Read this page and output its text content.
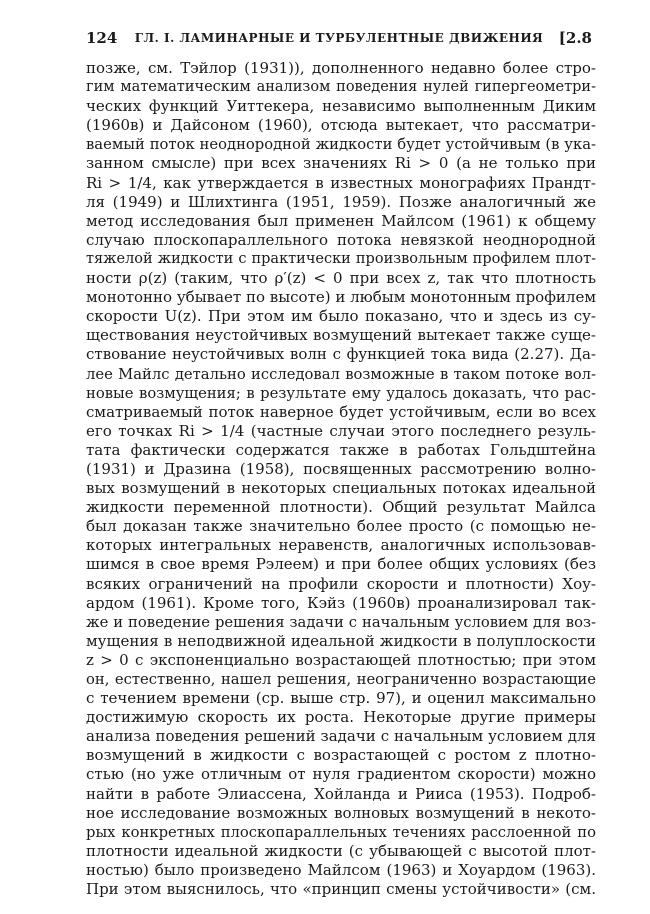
124	ГЛ. I. ЛАМИНАРНЫЕ И ТУРБУЛЕНТНЫЕ ДВИЖЕНИЯ	[2.8
позже, см. Тэйлор (1931)), дополненного недавно более стро-
гим математическим анализом поведения нулей гипергеометри-
ческих функций Уиттекера, независимо выполненным Диким
(1960в) и Дайсоном (1960), отсюда вытекает, что рассматри-
ваемый поток неоднородной жидкости будет устойчивым (в ука-
занном смысле) при всех значениях Ri > 0 (а не только при
Ri > 1/4, как утверждается в известных монографиях Прандт-
ля (1949) и Шлихтинга (1951, 1959). Позже аналогичный же
метод исследования был применен Майлсом (1961) к общему
случаю плоскопараллельного потока невязкой неоднородной
тяжелой жидкости с практически произвольным профилем плот-
ности ρ(z) (таким, что ρ′(z) < 0 при всех z, так что плотность
монотонно убывает по высоте) и любым монотонным профилем
скорости U(z). При этом им было показано, что и здесь из су-
ществования неустойчивых возмущений вытекает также суще-
ствование неустойчивых волн с функцией тока вида (2.27). Да-
лее Майлс детально исследовал возможные в таком потоке вол-
новые возмущения; в результате ему удалось доказать, что рас-
сматриваемый поток наверное будет устойчивым, если во всех
его точках Ri > 1/4 (частные случаи этого последнего резуль-
тата фактически содержатся также в работах Гольдштейна
(1931) и Дразина (1958), посвященных рассмотрению волно-
вых возмущений в некоторых специальных потоках идеальной
жидкости переменной плотности). Общий результат Майлса
был доказан также значительно более просто (с помощью не-
которых интегральных неравенств, аналогичных использовав-
шимся в свое время Рэлеем) и при более общих условиях (без
всяких ограничений на профили скорости и плотности) Хоу-
ардом (1961). Кроме того, Кэйз (1960в) проанализировал так-
же и поведение решения задачи с начальным условием для воз-
мущения в неподвижной идеальной жидкости в полуплоскости
z > 0 с экспоненциально возрастающей плотностью; при этом
он, естественно, нашел решения, неограниченно возрастающие
с течением времени (ср. выше стр. 97), и оценил максимально
достижимую скорость их роста. Некоторые другие примеры
анализа поведения решений задачи с начальным условием для
возмущений в жидкости с возрастающей с ростом z плотно-
стью (но уже отличным от нуля градиентом скорости) можно
найти в работе Элиассена, Хойланда и Рииса (1953). Подроб-
ное исследование возможных волновых возмущений в некото-
рых конкретных плоскопараллельных течениях расслоенной по
плотности идеальной жидкости (с убывающей с высотой плот-
ностью) было произведено Майлсом (1963) и Хоуардом (1963).
При этом выяснилось, что «принцип смены устойчивости» (см.
